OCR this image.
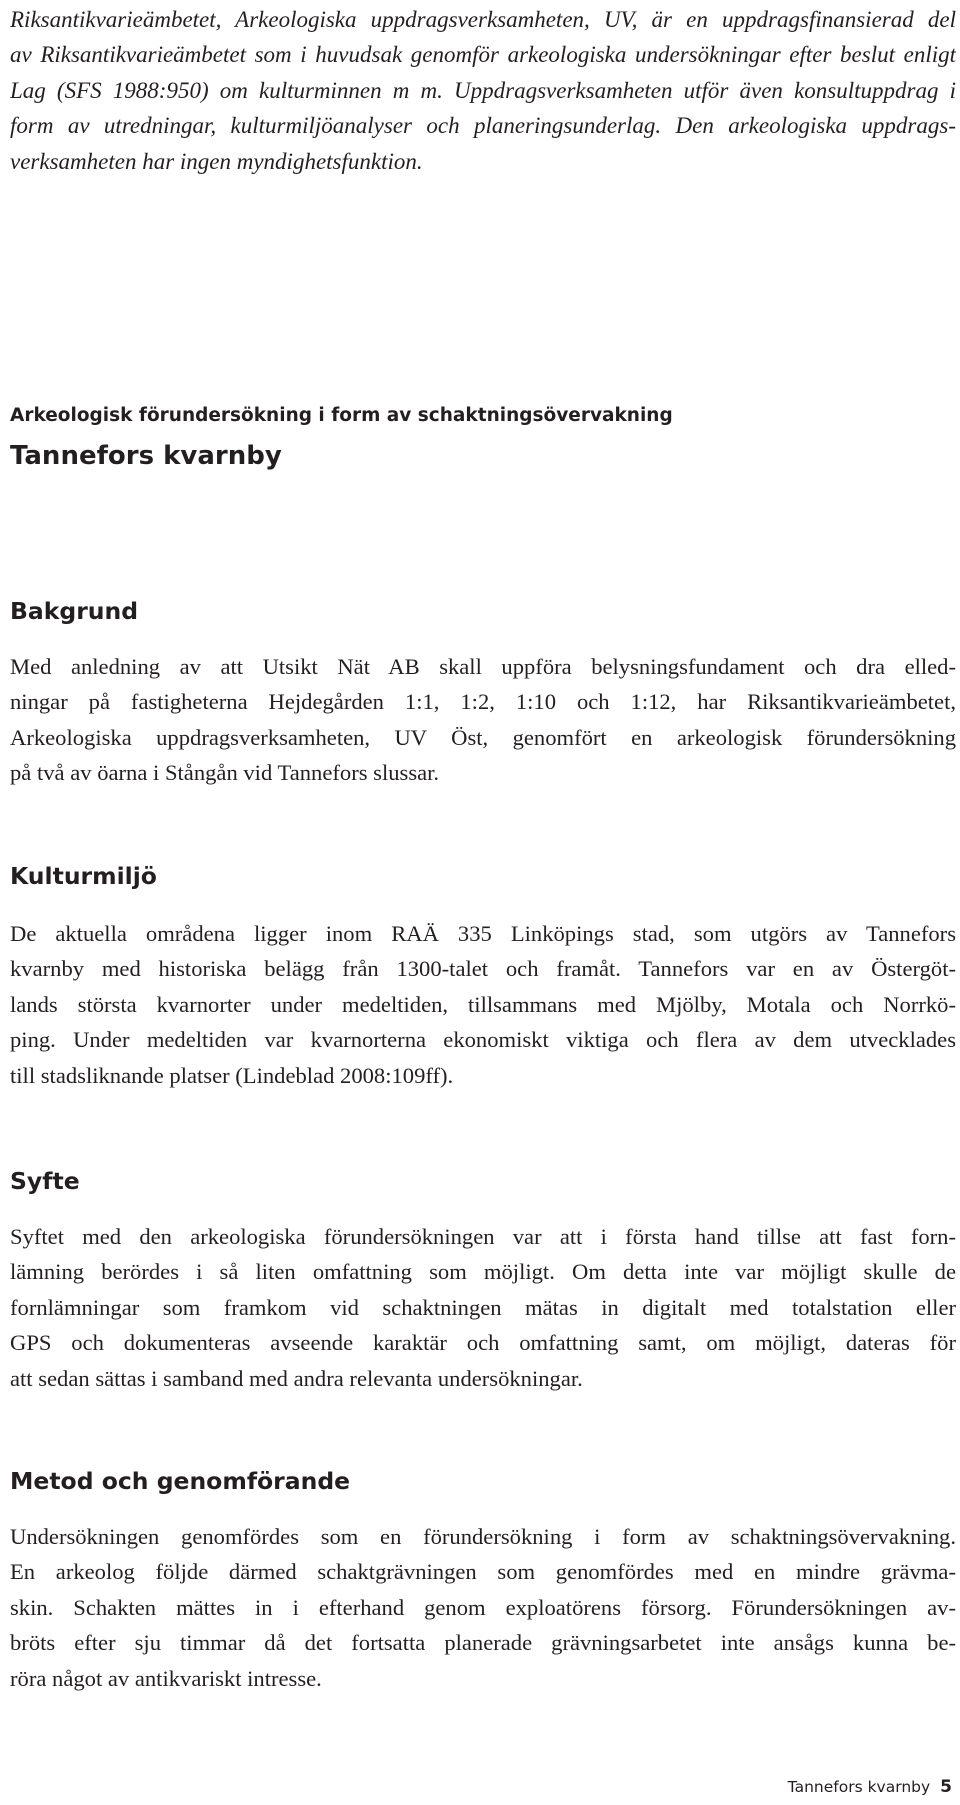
Riksantikvarieämbetet, Arkeologiska uppdragsverksamheten, UV, är en uppdragsfinansierad del
av Riksantikvarieämbetet som i huvudsak genomför arkeologiska undersökningar efter beslut enligt
Lag (SFS 1988:950) om kulturminnen m m. Uppdragsverksamheten utför även konsultuppdrag i
form av utredningar, kulturmiljöanalyser och planeringsunderlag. Den arkeologiska uppdrags-
verksamheten har ingen myndighetsfunktion.

Arkeologisk förundersökning i form av schaktningsövervakning
Tannefors kvarnby
Bakgrund

Med anledning av att Utsikt Nät AB skall uppföra belysningsfundament och dra elled-
ningar på fastigheterna Hejdegården 1:1, 1:2, 1:10 och 1:12, har Riksantikvarieämbetet,
Arkeologiska uppdragsverksamheten, UV Öst, genomfört en arkeologisk förundersökning
på två av öarna i Stångån vid Tannefors slussar.

Kulturmiljö

De aktuella områdena ligger inom RAÄ 335 Linköpings stad, som utgörs av Tannefors
kvarnby med historiska belägg från 1300-talet och framåt. Tannefors var en av Östergöt-
lands största kvarnorter under medeltiden, tillsammans med Mjölby, Motala och Norrkö-
ping. Under medeltiden var kvarnorterna ekonomiskt viktiga och flera av dem utvecklades
till stadsliknande platser (Lindeblad 2008:109ff).

Syfte

Syftet med den arkeologiska förundersökningen var att i första hand tillse att fast forn-
lämning berördes i så liten omfattning som möjligt. Om detta inte var möjligt skulle de
fornlämningar som framkom vid schaktningen mätas in digitalt med totalstation eller
GPS och dokumenteras avseende karaktär och omfattning samt, om möjligt, dateras för
att sedan sättas i samband med andra relevanta undersökningar.

Metod och genomförande

Undersökningen genomfördes som en förundersökning i form av schaktningsövervakning.
En arkeolog följde därmed schaktgrävningen som genomfördes med en mindre grävma-
skin. Schakten mättes in i efterhand genom exploatörens försorg. Förundersökningen av-
bröts efter sju timmar då det fortsatta planerade grävningsarbetet inte ansågs kunna be-
röra något av antikvariskt intresse.

Tannefors kvarnby 5
